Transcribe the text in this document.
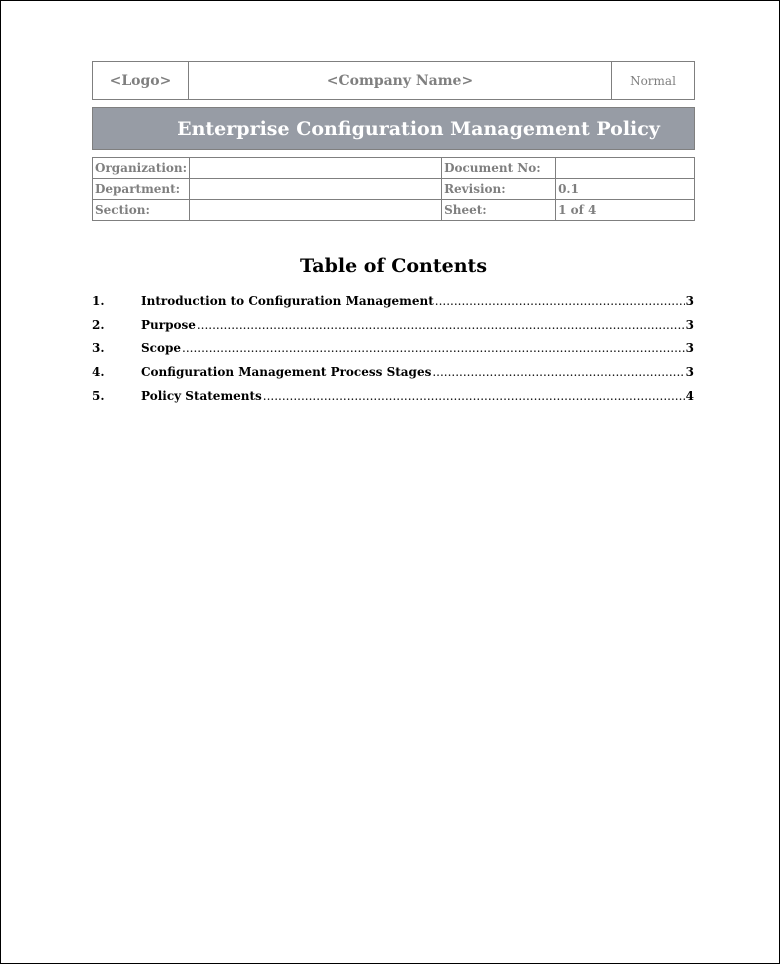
<Logo>	<Company Name>	Normal
Enterprise Configuration Management Policy
Organization:		Document No:	
Department:		Revision:	0.1
Section:		Sheet:	1 of 4
Table of Contents
1.	Introduction to Configuration Management .....	3
2.	Purpose .....	3
3.	Scope .....	3
4.	Configuration Management Process Stages .....	3
5.	Policy Statements .....	4
